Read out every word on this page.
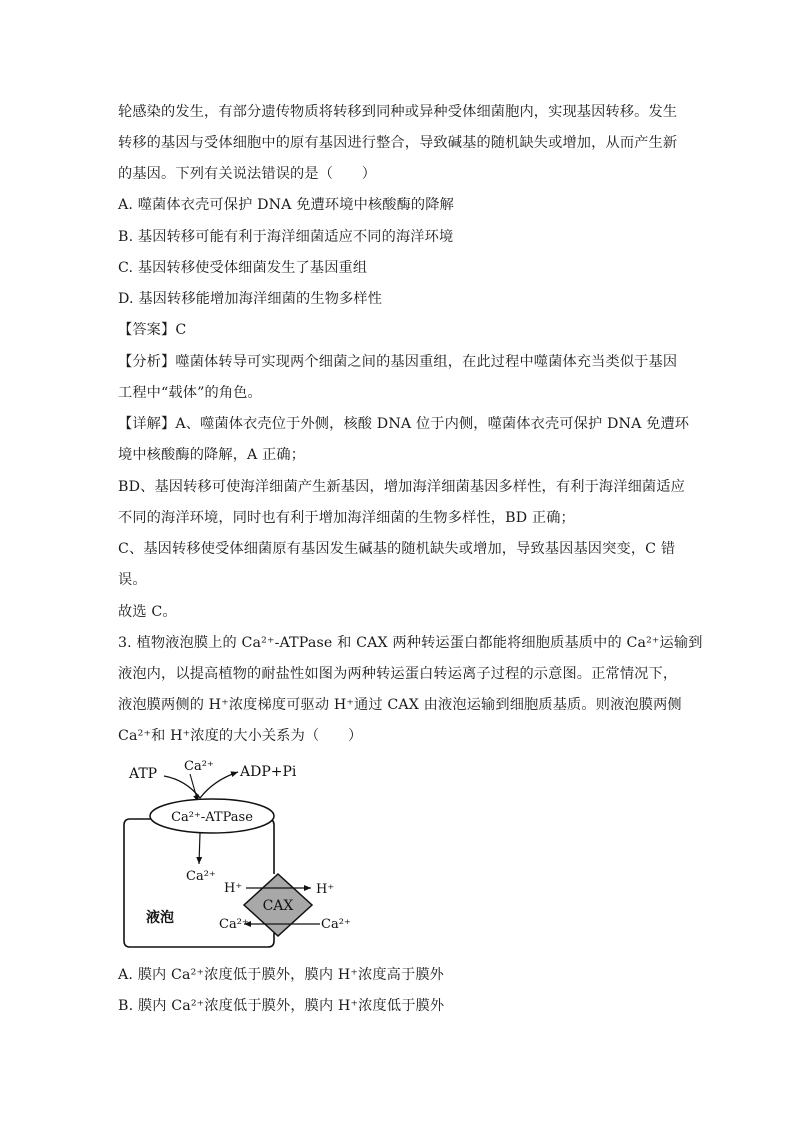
轮感染的发生，有部分遗传物质将转移到同种或异种受体细菌胞内，实现基因转移。发生
转移的基因与受体细胞中的原有基因进行整合，导致碱基的随机缺失或增加，从而产生新
的基因。下列有关说法错误的是（　　）
A. 噬菌体衣壳可保护 DNA 免遭环境中核酸酶的降解
B. 基因转移可能有利于海洋细菌适应不同的海洋环境
C. 基因转移使受体细菌发生了基因重组
D. 基因转移能增加海洋细菌的生物多样性
【答案】C
【分析】噬菌体转导可实现两个细菌之间的基因重组，在此过程中噬菌体充当类似于基因
工程中“载体”的角色。
【详解】A、噬菌体衣壳位于外侧，核酸 DNA 位于内侧，噬菌体衣壳可保护 DNA 免遭环
境中核酸酶的降解，A 正确；
BD、基因转移可使海洋细菌产生新基因，增加海洋细菌基因多样性，有利于海洋细菌适应
不同的海洋环境，同时也有利于增加海洋细菌的生物多样性，BD 正确；
C、基因转移使受体细菌原有基因发生碱基的随机缺失或增加，导致基因基因突变，C 错
误。
故选 C。
3. 植物液泡膜上的 Ca²⁺-ATPase 和 CAX 两种转运蛋白都能将细胞质基质中的 Ca²⁺运输到
液泡内，以提高植物的耐盐性如图为两种转运蛋白转运离子过程的示意图。正常情况下，
液泡膜两侧的 H⁺浓度梯度可驱动 H⁺通过 CAX 由液泡运输到细胞质基质。则液泡膜两侧
Ca²⁺和 H⁺浓度的大小关系为（　　）
ATP Ca²⁺ ADP+Pi
Ca²⁺-ATPase
Ca²⁺
H⁺	H⁺
CAX
液泡	Ca²⁺	Ca²⁺
A. 膜内 Ca²⁺浓度低于膜外，膜内 H⁺浓度高于膜外
B. 膜内 Ca²⁺浓度低于膜外，膜内 H⁺浓度低于膜外
